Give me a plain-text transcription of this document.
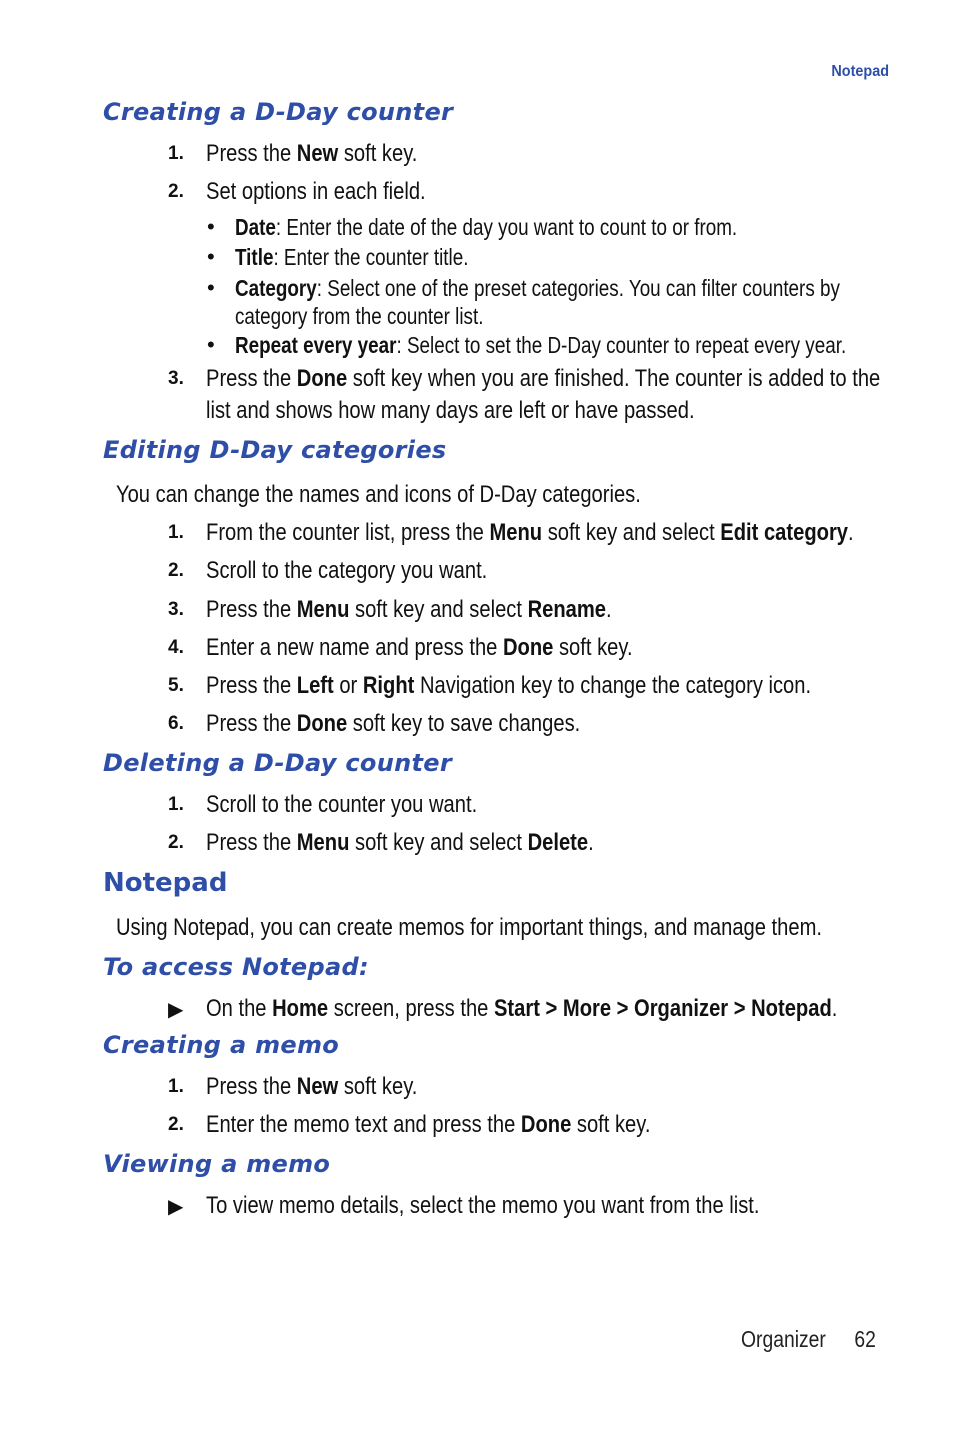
Notepad
Creating a D-Day counter
1. Press the New soft key.
2. Set options in each field.
• Date: Enter the date of the day you want to count to or from.
• Title: Enter the counter title.
• Category: Select one of the preset categories. You can filter counters by
category from the counter list.
• Repeat every year: Select to set the D-Day counter to repeat every year.
3. Press the Done soft key when you are finished. The counter is added to the
list and shows how many days are left or have passed.
Editing D-Day categories
You can change the names and icons of D-Day categories.
1. From the counter list, press the Menu soft key and select Edit category.
2. Scroll to the category you want.
3. Press the Menu soft key and select Rename.
4. Enter a new name and press the Done soft key.
5. Press the Left or Right Navigation key to change the category icon.
6. Press the Done soft key to save changes.
Deleting a D-Day counter
1. Scroll to the counter you want.
2. Press the Menu soft key and select Delete.
Notepad
Using Notepad, you can create memos for important things, and manage them.
To access Notepad:
▶ On the Home screen, press the Start > More > Organizer > Notepad.
Creating a memo
1. Press the New soft key.
2. Enter the memo text and press the Done soft key.
Viewing a memo
▶ To view memo details, select the memo you want from the list.
Organizer 62
